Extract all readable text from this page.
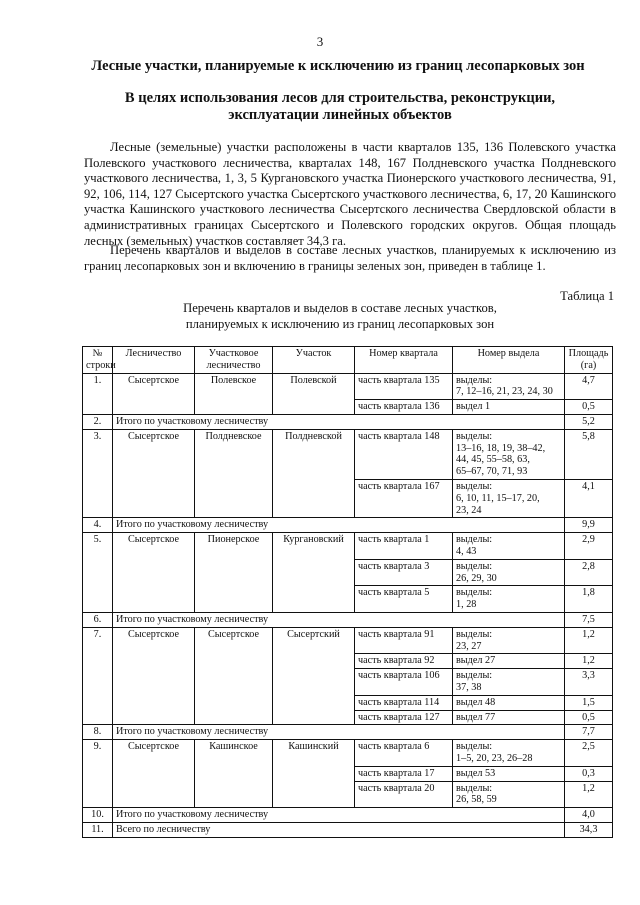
3
Лесные участки, планируемые к исключению из границ лесопарковых зон
В целях использования лесов для строительства, реконструкции,
эксплуатации линейных объектов

Лесные (земельные) участки расположены в части кварталов 135, 136 Полевского участка Полевского участкового лесничества, кварталах 148, 167 Полдневского участка Полдневского участкового лесничества, 1, 3, 5 Кургановского участка Пионерского участкового лесничества, 91, 92, 106, 114, 127 Сысертского участка Сысертского участкового лесничества, 6, 17, 20 Кашинского участка Кашинского участкового лесничества Сысертского лесничества Свердловской области в административных границах Сысертского и Полевского городских округов. Общая площадь лесных (земельных) участков составляет 34,3 га.

Перечень кварталов и выделов в составе лесных участков, планируемых к исключению из границ лесопарковых зон и включению в границы зеленых зон, приведен в таблице 1.

Таблица 1
Перечень кварталов и выделов в составе лесных участков,
планируемых к исключению из границ лесопарковых зон
№
строки	Лесничество	Участковое
лесничество	Участок	Номер квартала	Номер выдела	Площадь
(га)
1.	Сысертское	Полевское	Полевской	часть квартала 135	выделы:
7, 12–16, 21, 23, 24, 30	4,7
				часть квартала 136	выдел 1	0,5
2.	Итого по участковому лесничеству					5,2
3.	Сысертское	Полдневское	Полдневской	часть квартала 148	выделы:
13–16, 18, 19, 38–42,
44, 45, 55–58, 63,
65–67, 70, 71, 93	5,8
				часть квартала 167	выделы:
6, 10, 11, 15–17, 20,
23, 24	4,1
4.	Итого по участковому лесничеству					9,9
5.	Сысертское	Пионерское	Кургановский	часть квартала 1	выделы:
4, 43	2,9
				часть квартала 3	выделы:
26, 29, 30	2,8
				часть квартала 5	выделы:
1, 28	1,8
6.	Итого по участковому лесничеству					7,5
7.	Сысертское	Сысертское	Сысертский	часть квартала 91	выделы:
23, 27	1,2
				часть квартала 92	выдел 27	1,2
				часть квартала 106	выделы:
37, 38	3,3
				часть квартала 114	выдел 48	1,5
				часть квартала 127	выдел 77	0,5
8.	Итого по участковому лесничеству					7,7
9.	Сысертское	Кашинское	Кашинский	часть квартала 6	выделы:
1–5, 20, 23, 26–28	2,5
				часть квартала 17	выдел 53	0,3
				часть квартала 20	выделы:
26, 58, 59	1,2
10.	Итого по участковому лесничеству					4,0
11.	Всего по лесничеству					34,3
